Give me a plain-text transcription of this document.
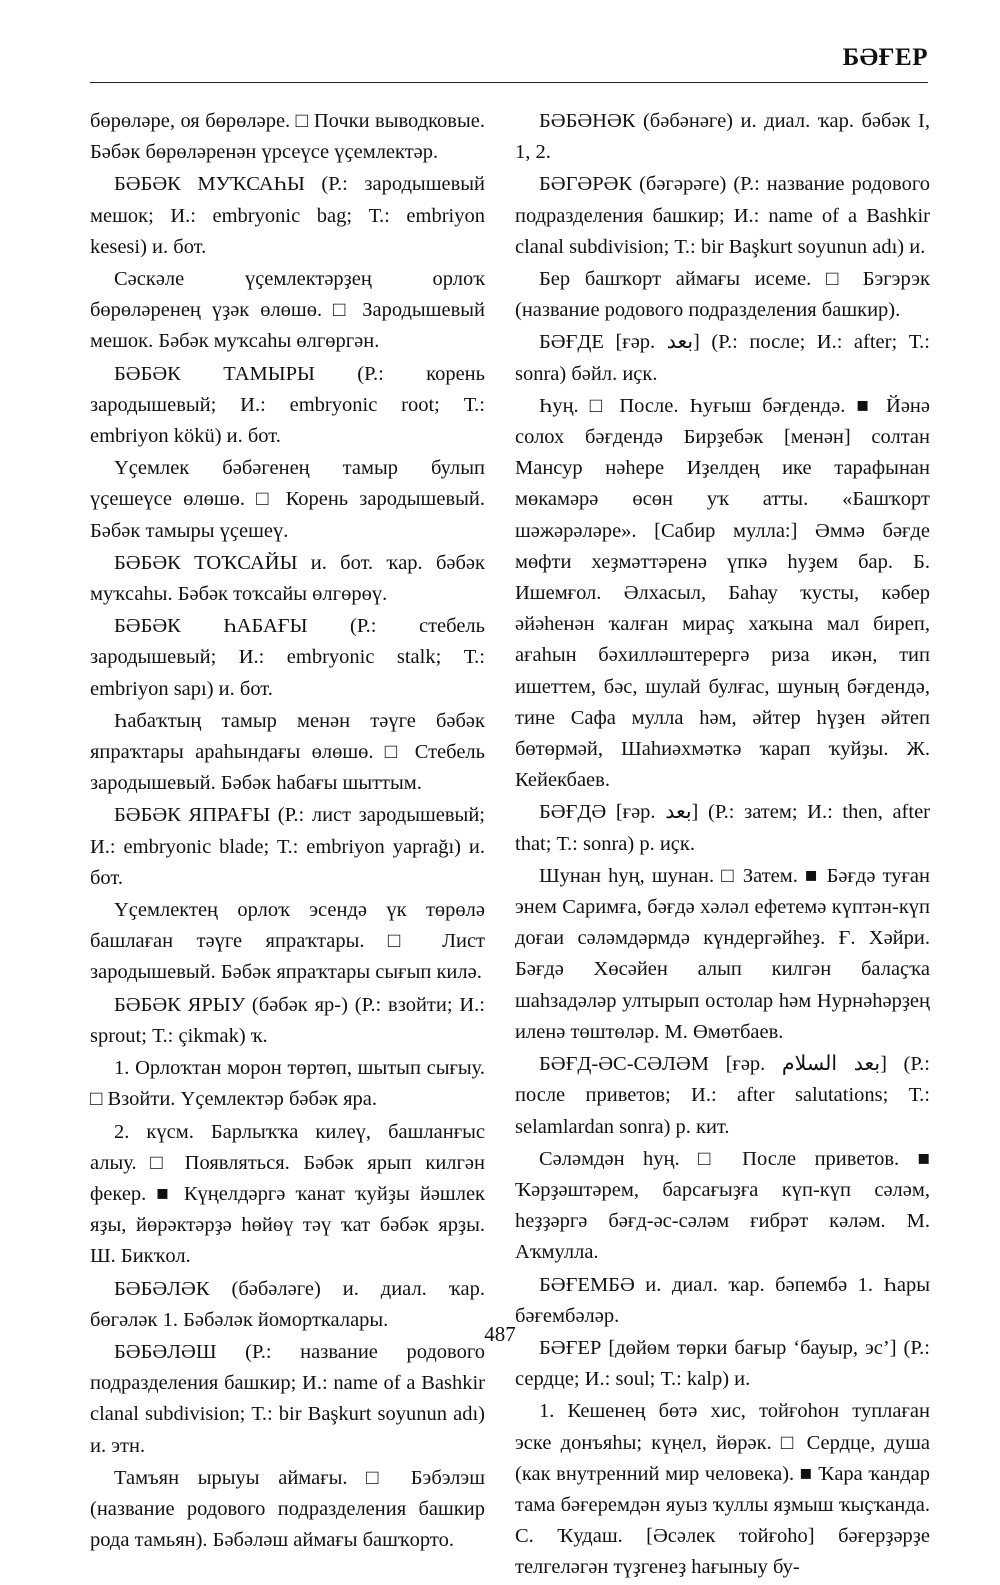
БӘҒЕР

бөрөләре, оя бөрөләре. □ Почки выводковые. Бәбәк бөрөләренән үрсеүсе үҫемлектәр.

БӘБӘК МУҠСАҺЫ (Р.: зародышевый мешок; И.: embryonic bag; Т.: embriyon kesesi) и. бот.

Сәскәле үҫемлектәрҙең орлоҡ бөрөләренең үҙәк өлөшө. □ Зародышевый мешок. Бәбәк муҡсаһы өлгөргән.

БӘБӘК ТАМЫРЫ (Р.: корень зародышевый; И.: embryonic root; Т.: embriyon kökü) и. бот.

Үҫемлек бәбәгенең тамыр булып үҫешеүсе өлөшө. □ Корень зародышевый. Бәбәк тамыры үҫешеү.

БӘБӘК ТОҠСАЙЫ и. бот. ҡар. бәбәк муҡсаһы. Бәбәк тоҡсайы өлгөрөү.

БӘБӘК ҺАБАҒЫ (Р.: стебель зародышевый; И.: embryonic stalk; Т.: embriyon sapı) и. бот.

Һабаҡтың тамыр менән тәүге бәбәк япраҡтары араһындағы өлөшө. □ Стебель зародышевый. Бәбәк һабағы шыттым.

БӘБӘК ЯПРАҒЫ (Р.: лист зародышевый; И.: embryonic blade; Т.: embriyon yaprağı) и. бот.

Үҫемлектең орлоҡ эсендә үк төрөлә башлаған тәүге япраҡтары. □ Лист зародышевый. Бәбәк япраҡтары сығып килә.

БӘБӘК ЯРЫУ (бәбәк яр-) (Р.: взойти; И.: sprout; Т.: çikmak) ҡ.

1. Орлоҡтан морон төртөп, шытып сығыу. □ Взойти. Үҫемлектәр бәбәк яра.

2. күсм. Барлыҡҡа килеү, башланғыс алыу. □ Появляться. Бәбәк ярып килгән фекер. ■ Күңелдәргә ҡанат ҡуйҙы йәшлек яҙы, йөрәктәрҙә һөйөү тәү ҡат бәбәк ярҙы. Ш. Бикҡол.

БӘБӘЛӘК (бәбәләге) и. диал. ҡар. бөгәләк 1. Бәбәләк йоморткалары.

БӘБӘЛӘШ (Р.: название родового подразделения башкир; И.: name of a Bashkir clanal subdivision; Т.: bir Başkurt soyunun adı) и. этн.

Тамъян ырыуы аймағы. □ Бэбэлэш (название родового подразделения башкир рода тамьян). Бәбәләш аймағы башҡорто.

БӘБӘНӘК (бәбәнәге) и. диал. ҡар. бәбәк I, 1, 2.

БӘГӘРӘК (бәгәрәге) (Р.: название родового подразделения башкир; И.: name of a Bashkir clanal subdivision; Т.: bir Başkurt soyunun adı) и.

Бер башҡорт аймағы исеме. □ Бэгэрэк (название родового подразделения башкир).

БӘҒДЕ [ғәр. بعد] (Р.: после; И.: after; Т.: sonra) бәйл. иҫк.

Һуң. □ После. Һуғыш бәғдендә. ■ Йәнә солох бәғдендә Бирҙебәк [менән] солтан Мансур нәһере Иҙелдең ике тарафынан мөкамәрә өсөн уҡ атты. «Башҡорт шәжәрәләре». [Сабир мулла:] Әммә бәғде мөфти хеҙмәттәренә үпкә һуҙем бар. Б. Ишемғол. Әлхасыл, Баһау ҡусты, кәбер әйәһенән ҡалған мираҫ хаҡына мал биреп, ағаһын бәхилләштерергә риза икән, тип ишеттем, бәс, шулай булғас, шуның бәғдендә, тине Сафа мулла һәм, әйтер һүҙен әйтеп бөтөрмәй, Шаһиәхмәткә ҡарап ҡуйҙы. Ж. Кейекбаев.

БӘҒДӘ [ғәр. بعد] (Р.: затем; И.: then, after that; Т.: sonra) р. иҫк.

Шунан һуң, шунан. □ Затем. ■ Бәғдә туған энем Саримға, бәғдә хәләл ефетемә күптән-күп доғаи сәләмдәрмдә күндергәйһеҙ. Ғ. Хәйри. Бәғдә Хөсәйен алып килгән балаҫҡа шаһзадәләр ултырып остолар һәм Нурнәһәрҙең иленә төштөләр. М. Өмөтбаев.

БӘҒД-ӘС-СӘЛӘМ [ғәр. بعد السلام] (Р.: после приветов; И.: after salutations; Т.: selamlardan sonra) р. кит.

Сәләмдән һуң. □ После приветов. ■ Ҡәрҙәштәрем, барсағыҙға күп-күп сәләм, һеҙҙәргә бәғд-әс-сәләм ғибрәт кәләм. М. Аҡмулла.

БӘҒЕМБӘ и. диал. ҡар. бәпембә 1. Һары бәғембәләр.

БӘҒЕР [дөйөм төрки бағыр ‘бауыр, эс’] (Р.: сердце; И.: soul; Т.: kalp) и.

1. Кешенең бөтә хис, тойғоһон туплаған эске донъяһы; күңел, йөрәк. □ Сердце, душа (как внутренний мир человека). ■ Ҡара ҡандар тама бәғеремдән яуыз ҡуллы яҙмыш ҡыҫҡанда. С. Ҡудаш. [Әсәлек тойғоһо] бәғерҙәрҙе телгеләгән түҙгенеҙ һағыныу бу-

487
